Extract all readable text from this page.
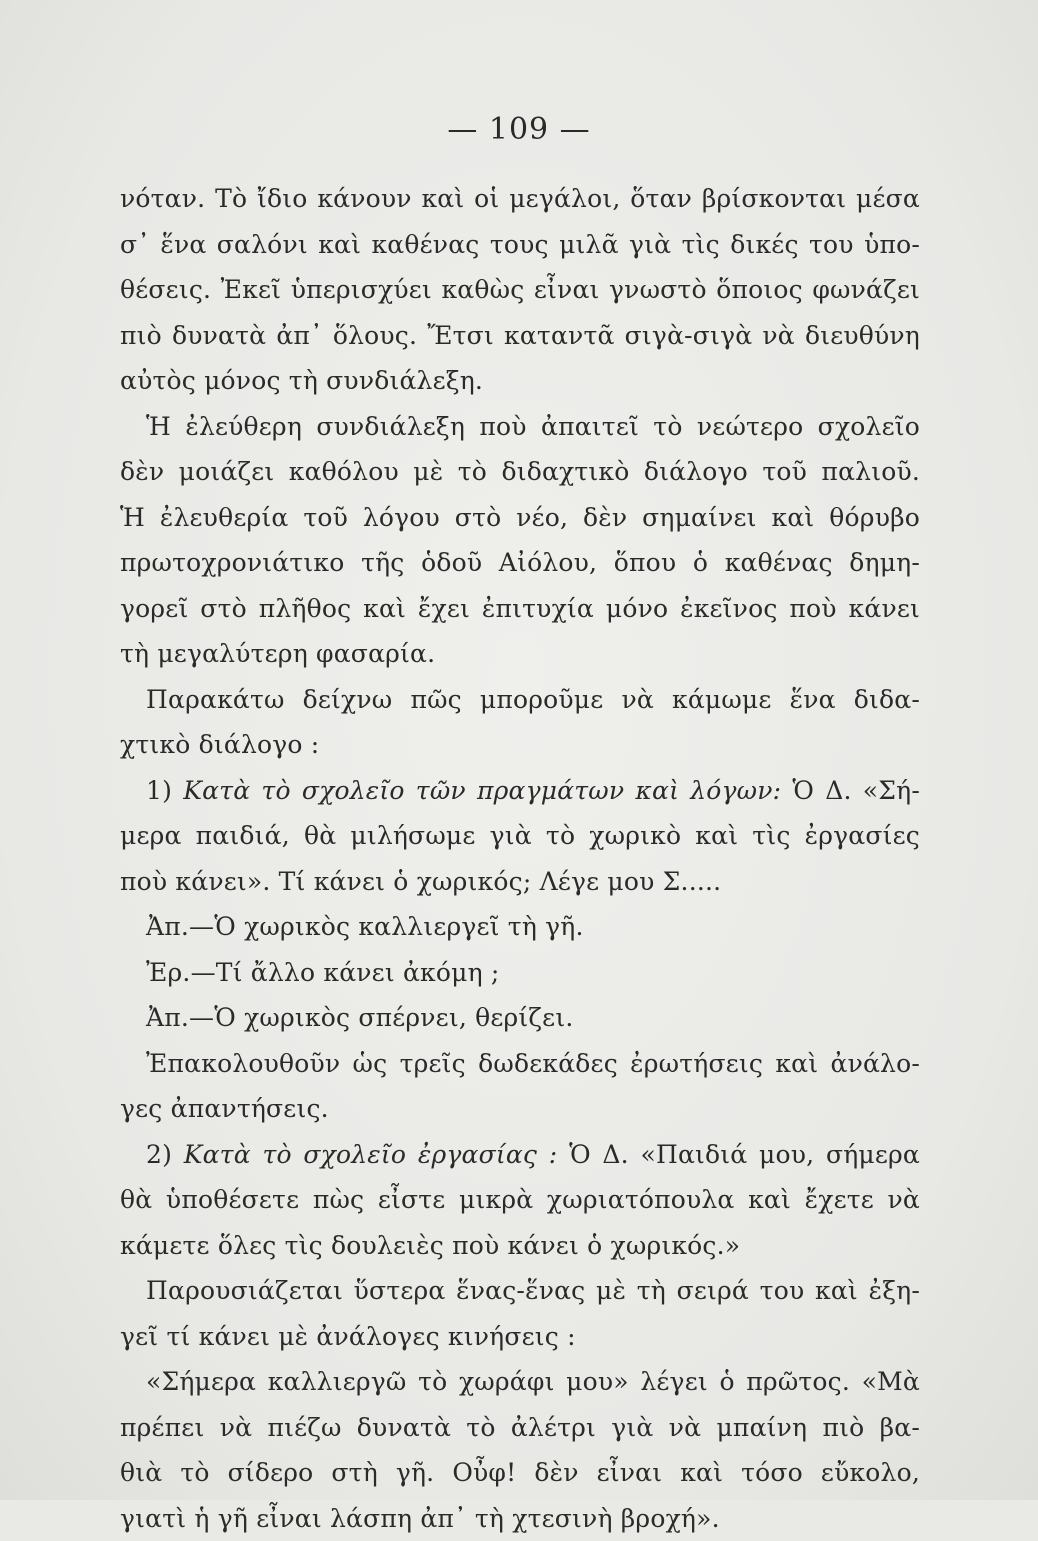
— 109 —
νόταν. Τὸ ἴδιο κάνουν καὶ οἱ μεγάλοι, ὅταν βρίσκονται μέσα
σ᾿ ἕνα σαλόνι καὶ καθένας τους μιλᾶ γιὰ τὶς δικές του ὑπο-
θέσεις. Ἐκεῖ ὑπερισχύει καθὼς εἶναι γνωστὸ ὅποιος φωνάζει
πιὸ δυνατὰ ἀπ᾿ ὅλους. Ἔτσι καταντᾶ σιγὰ-σιγὰ νὰ διευθύνη
αὐτὸς μόνος τὴ συνδιάλεξη.
Ἡ ἐλεύθερη συνδιάλεξη ποὺ ἀπαιτεῖ τὸ νεώτερο σχολεῖο
δὲν μοιάζει καθόλου μὲ τὸ διδαχτικὸ διάλογο τοῦ παλιοῦ.
Ἡ ἐλευθερία τοῦ λόγου στὸ νέο, δὲν σημαίνει καὶ θόρυβο
πρωτοχρονιάτικο τῆς ὁδοῦ Αἰόλου, ὅπου ὁ καθένας δημη-
γορεῖ στὸ πλῆθος καὶ ἔχει ἐπιτυχία μόνο ἐκεῖνος ποὺ κάνει
τὴ μεγαλύτερη φασαρία.
Παρακάτω δείχνω πῶς μποροῦμε νὰ κάμωμε ἕνα διδα-
χτικὸ διάλογο :
1) Κατὰ τὸ σχολεῖο τῶν πραγμάτων καὶ λόγων: Ὁ Δ. «Σή-
μερα παιδιά, θὰ μιλήσωμε γιὰ τὸ χωρικὸ καὶ τὶς ἐργασίες
ποὺ κάνει». Τί κάνει ὁ χωρικός; Λέγε μου Σ.....
Ἀπ.—Ὁ χωρικὸς καλλιεργεῖ τὴ γῆ.
Ἐρ.—Τί ἄλλο κάνει ἀκόμη ;
Ἀπ.—Ὁ χωρικὸς σπέρνει, θερίζει.
Ἐπακολουθοῦν ὡς τρεῖς δωδεκάδες ἐρωτήσεις καὶ ἀνάλο-
γες ἀπαντήσεις.
2) Κατὰ τὸ σχολεῖο ἐργασίας : Ὁ Δ. «Παιδιά μου, σήμερα
θὰ ὑποθέσετε πὼς εἶστε μικρὰ χωριατόπουλα καὶ ἔχετε νὰ
κάμετε ὅλες τὶς δουλειὲς ποὺ κάνει ὁ χωρικός.»
Παρουσιάζεται ὕστερα ἕνας-ἕνας μὲ τὴ σειρά του καὶ ἐξη-
γεῖ τί κάνει μὲ ἀνάλογες κινήσεις :
«Σήμερα καλλιεργῶ τὸ χωράφι μου» λέγει ὁ πρῶτος. «Μὰ
πρέπει νὰ πιέζω δυνατὰ τὸ ἀλέτρι γιὰ νὰ μπαίνη πιὸ βα-
θιὰ τὸ σίδερο στὴ γῆ. Οὖφ! δὲν εἶναι καὶ τόσο εὔκολο,
γιατὶ ἡ γῆ εἶναι λάσπη ἀπ᾿ τὴ χτεσινὴ βροχή».
